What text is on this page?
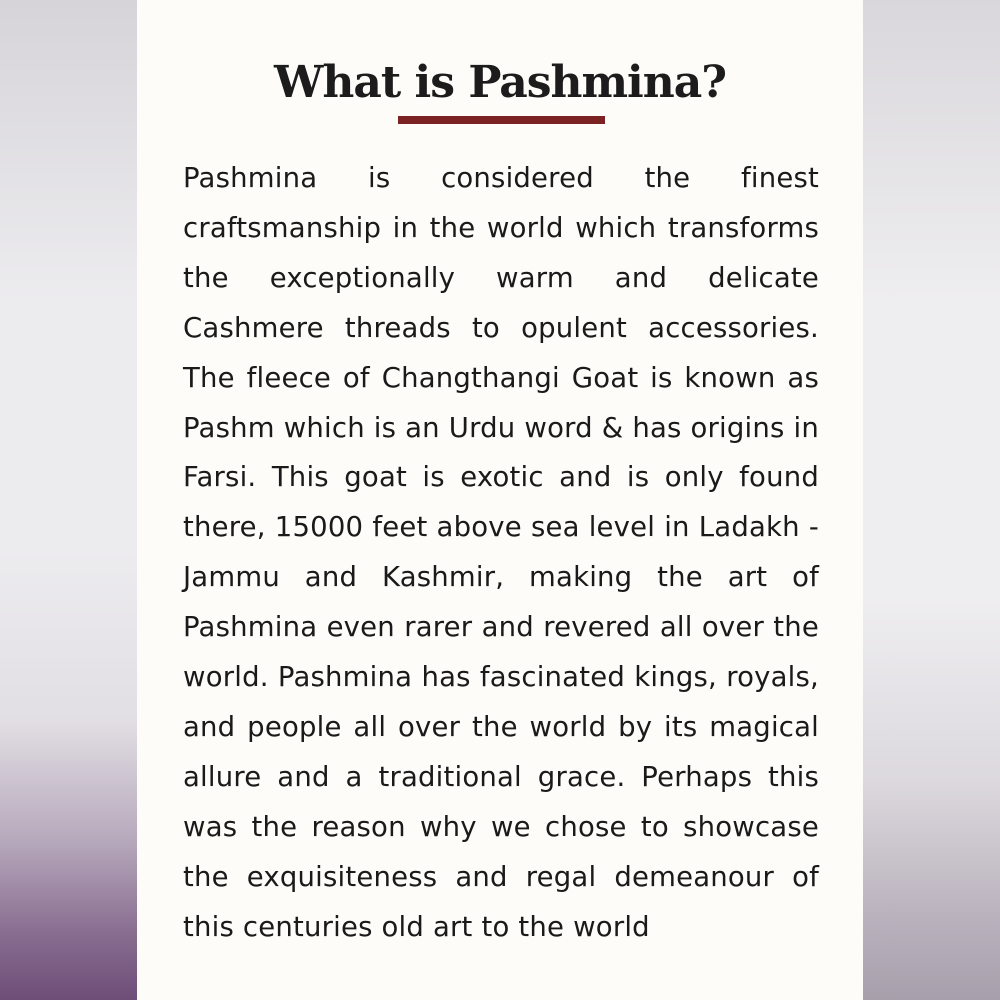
What is Pashmina?

Pashmina is considered the finest craftsmanship in the world which transforms the exceptionally warm and delicate Cashmere threads to opulent accessories. The fleece of Changthangi Goat is known as Pashm which is an Urdu word & has origins in Farsi. This goat is exotic and is only found there, 15000 feet above sea level in Ladakh - Jammu and Kashmir, making the art of Pashmina even rarer and revered all over the world. Pashmina has fascinated kings, royals, and people all over the world by its magical allure and a traditional grace. Perhaps this was the reason why we chose to showcase the exquisiteness and regal demeanour of this centuries old art to the world
